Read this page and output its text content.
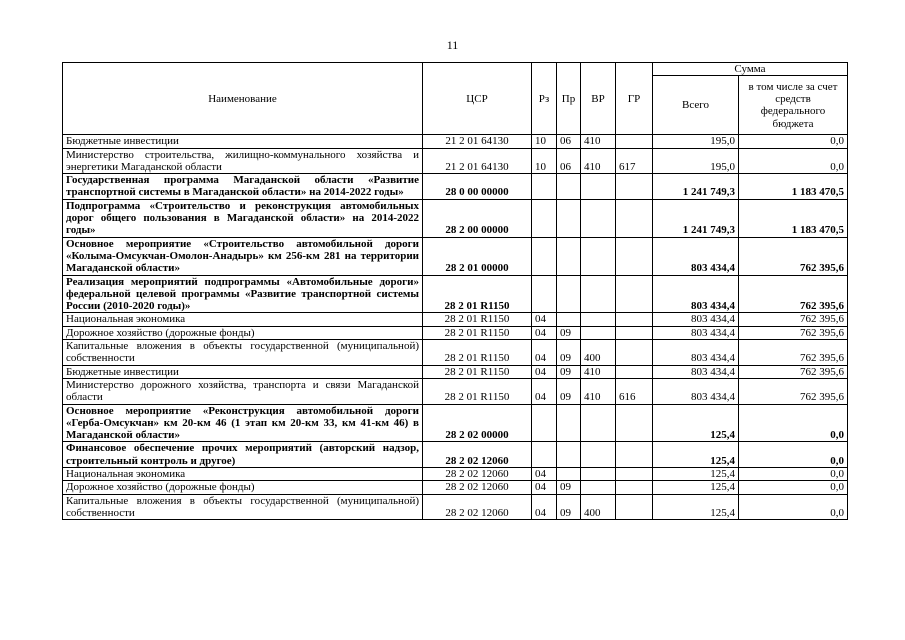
11
Наименование	ЦСР	Рз	Пр	ВР	ГР	Сумма	
						Всего	в том числе за счет средств федерального бюджета
Бюджетные инвестиции	21 2 01 64130	10	06	410		195,0	0,0
Министерство строительства, жилищно-коммунального хозяйства и энергетики Магаданской области	21 2 01 64130	10	06	410	617	195,0	0,0
Государственная программа Магаданской области «Развитие транспортной системы в Магаданской области» на 2014-2022 годы»	28 0 00 00000					1 241 749,3	1 183 470,5
Подпрограмма «Строительство и реконструкция автомобильных дорог общего пользования в Магаданской области» на 2014-2022 годы»	28 2 00 00000					1 241 749,3	1 183 470,5
Основное мероприятие «Строительство автомобильной дороги «Колыма-Омсукчан-Омолон-Анадырь» км 256-км 281 на территории Магаданской области»	28 2 01 00000					803 434,4	762 395,6
Реализация мероприятий подпрограммы «Автомобильные дороги» федеральной целевой программы «Развитие транспортной системы России (2010-2020 годы)»	28 2 01 R1150					803 434,4	762 395,6
Национальная экономика	28 2 01 R1150	04				803 434,4	762 395,6
Дорожное хозяйство (дорожные фонды)	28 2 01 R1150	04	09			803 434,4	762 395,6
Капитальные вложения в объекты государственной (муниципальной) собственности	28 2 01 R1150	04	09	400		803 434,4	762 395,6
Бюджетные инвестиции	28 2 01 R1150	04	09	410		803 434,4	762 395,6
Министерство дорожного хозяйства, транспорта и связи Магаданской области	28 2 01 R1150	04	09	410	616	803 434,4	762 395,6
Основное мероприятие «Реконструкция автомобильной дороги «Герба-Омсукчан» км 20-км 46 (1 этап км 20-км 33, км 41-км 46) в Магаданской области»	28 2 02 00000					125,4	0,0
Финансовое обеспечение прочих мероприятий (авторский надзор, строительный контроль и другое)	28 2 02 12060					125,4	0,0
Национальная экономика	28 2 02 12060	04				125,4	0,0
Дорожное хозяйство (дорожные фонды)	28 2 02 12060	04	09			125,4	0,0
Капитальные вложения в объекты государственной (муниципальной) собственности	28 2 02 12060	04	09	400		125,4	0,0
